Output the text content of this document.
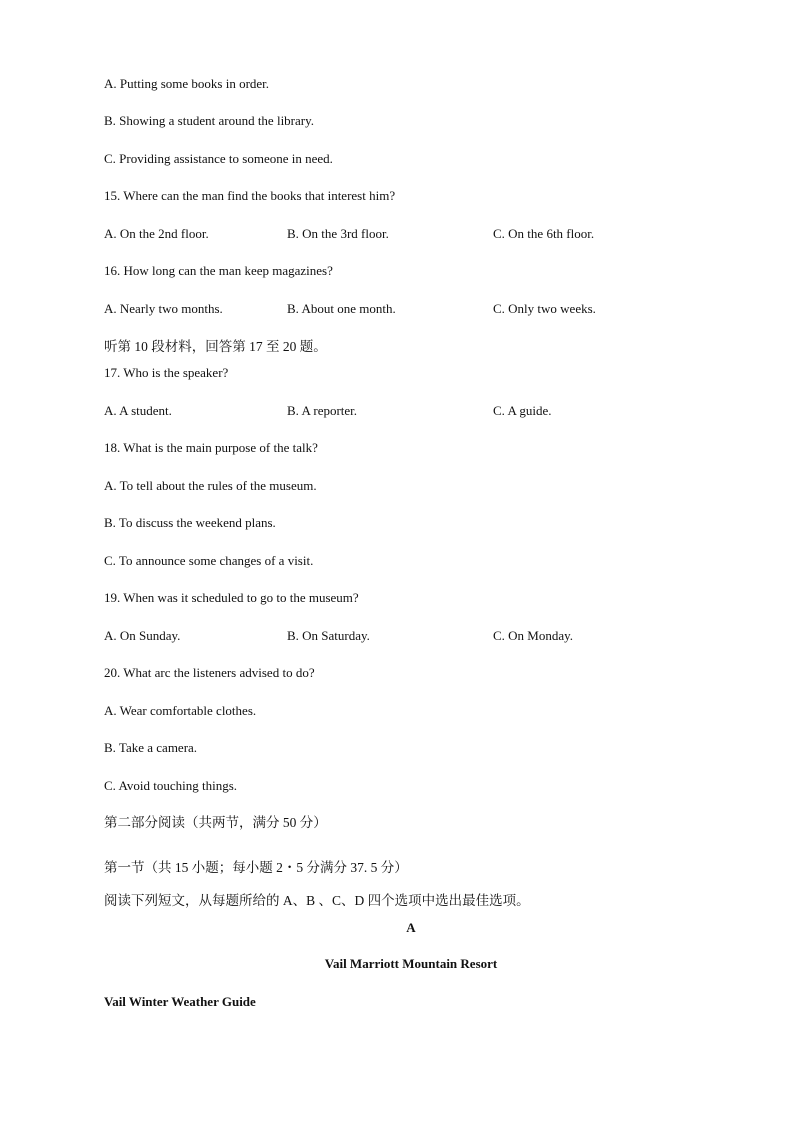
A. Putting some books in order.
B. Showing a student around the library.
C. Providing assistance to someone in need.
15. Where can the man find the books that interest him?
A. On the 2nd floor.	B. On the 3rd floor.	C. On the 6th floor.
16. How long can the man keep magazines?
A. Nearly two months.	B. About one month.	C. Only two weeks.
听第 10 段材料，回答第 17 至 20 题。
17. Who is the speaker?
A. A student.	B. A reporter.	C. A guide.
18. What is the main purpose of the talk?
A. To tell about the rules of the museum.
B. To discuss the weekend plans.
C. To announce some changes of a visit.
19. When was it scheduled to go to the museum?
A. On Sunday.	B. On Saturday.	C. On Monday.
20. What arc the listeners advised to do?
A. Wear comfortable clothes.
B. Take a camera.
C. Avoid touching things.
第二部分阅读（共两节，满分 50 分）
第一节（共 15 小题；每小题 2・5 分满分 37. 5 分）
阅读下列短文，从每题所给的 A、B 、C、D 四个选项中选出最佳选项。
A
Vail Marriott Mountain Resort
Vail Winter Weather Guide
